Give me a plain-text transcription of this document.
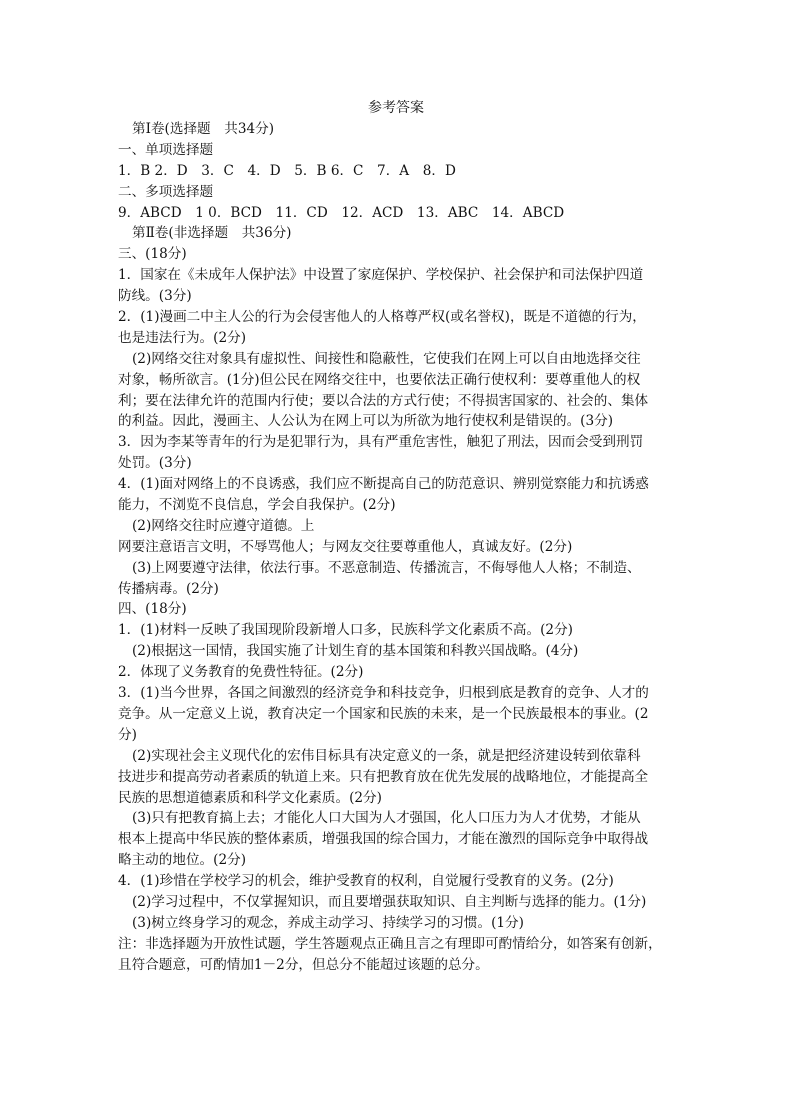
参考答案
第Ⅰ卷(选择题　共34分)
一、单项选择题
1．B 2．D　3．C　4．D　5．B 6．C　7．A　8．D
二、多项选择题
9．ABCD　1 0．BCD　11．CD　12．ACD　13．ABC　14．ABCD
第Ⅱ卷(非选择题　共36分)
三、(18分)
1．国家在《未成年人保护法》中设置了家庭保护、学校保护、社会保护和司法保护四道
防线。(3分)
2．(1)漫画二中主人公的行为会侵害他人的人格尊严权(或名誉权)，既是不道德的行为，
也是违法行为。(2分)
(2)网络交往对象具有虚拟性、间接性和隐蔽性，它使我们在网上可以自由地选择交往
对象，畅所欲言。(1分)但公民在网络交往中，也要依法正确行使权利：要尊重他人的权
利；要在法律允许的范围内行使；要以合法的方式行使；不得损害国家的、社会的、集体
的利益。因此，漫画主、人公认为在网上可以为所欲为地行使权利是错误的。(3分)
3．因为李某等青年的行为是犯罪行为，具有严重危害性，触犯了刑法，因而会受到刑罚
处罚。(3分)
4．(1)面对网络上的不良诱惑，我们应不断提高自己的防范意识、辨别觉察能力和抗诱惑
能力，不浏览不良信息，学会自我保护。(2分)
(2)网络交往时应遵守道德。上
网要注意语言文明，不辱骂他人；与网友交往要尊重他人，真诚友好。(2分)
(3)上网要遵守法律，依法行事。不恶意制造、传播流言，不侮辱他人人格；不制造、
传播病毒。(2分)
四、(18分)
1．(1)材料一反映了我国现阶段新增人口多，民族科学文化素质不高。(2分)
(2)根据这一国情，我国实施了计划生育的基本国策和科教兴国战略。(4分)
2．体现了义务教育的免费性特征。(2分)
3．(1)当今世界，各国之间激烈的经济竞争和科技竞争，归根到底是教育的竞争、人才的
竞争。从一定意义上说，教育决定一个国家和民族的未来，是一个民族最根本的事业。(2
分)
(2)实现社会主义现代化的宏伟目标具有决定意义的一条，就是把经济建设转到依靠科
技进步和提高劳动者素质的轨道上来。只有把教育放在优先发展的战略地位，才能提高全
民族的思想道德素质和科学文化素质。(2分)
(3)只有把教育搞上去；才能化人口大国为人才强国，化人口压力为人才优势，才能从
根本上提高中华民族的整体素质，增强我国的综合国力，才能在激烈的国际竞争中取得战
略主动的地位。(2分)
4．(1)珍惜在学校学习的机会，维护受教育的权利，自觉履行受教育的义务。(2分)
(2)学习过程中，不仅掌握知识，而且要增强获取知识、自主判断与选择的能力。(1分)
(3)树立终身学习的观念，养成主动学习、持续学习的习惯。(1分)
注：非选择题为开放性试题，学生答题观点正确且言之有理即可酌情给分，如答案有创新，
且符合题意，可酌情加1－2分，但总分不能超过该题的总分。
